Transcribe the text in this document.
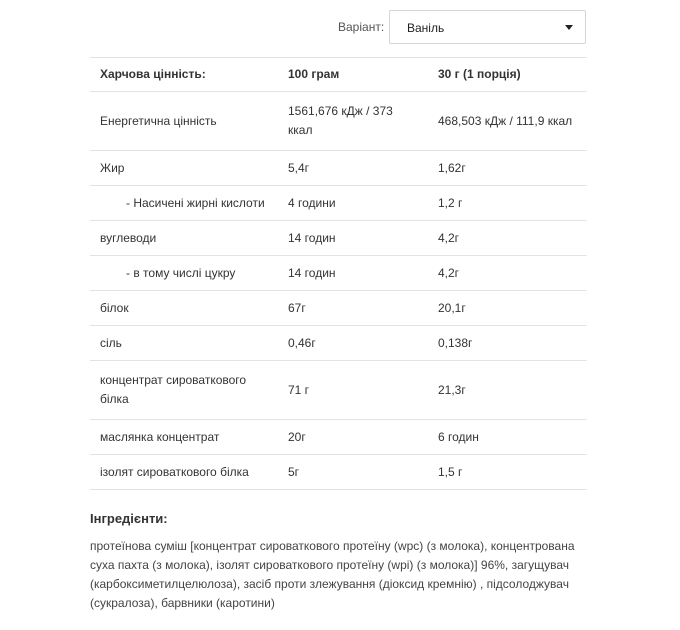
Варіант: Ваніль
Харчова цінність:	100 грам	30 г (1 порція)
Енергетична цінність	1561,676 кДж / 373 ккал	468,503 кДж / 111,9 ккал
Жир	5,4г	1,62г
- Насичені жирні кислоти	4 години	1,2 г
вуглеводи	14 годин	4,2г
- в тому числі цукру	14 годин	4,2г
білок	67г	20,1г
сіль	0,46г	0,138г
концентрат сироваткового білка	71 г	21,3г
маслянка концентрат	20г	6 годин
ізолят сироваткового білка	5г	1,5 г
Інгредієнти:
протеїнова суміш [концентрат сироваткового протеїну (wpc) (з молока), концентрована суха пахта (з молока), ізолят сироваткового протеїну (wpi) (з молока)] 96%, загущувач (карбоксиметилцелюлоза), засіб проти злежування (діоксид кремнію) , підсолоджувач (сукралоза), барвники (каротини)
